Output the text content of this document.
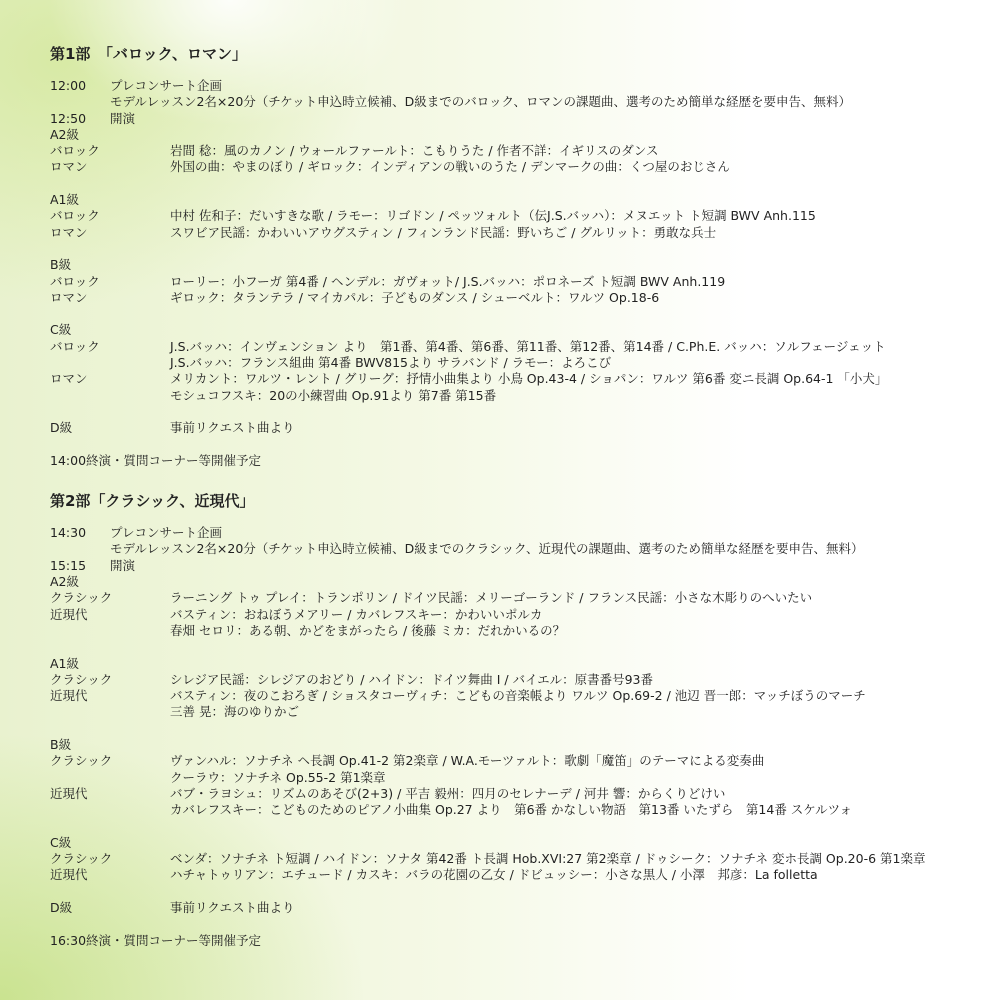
第1部　「バロック、ロマン」
12:00	プレコンサート企画
モデルレッスン2名×20分（チケット申込時立候補、D級までのバロック、ロマンの課題曲、選考のため簡単な経歴を要申告、無料）
12:50	開演
A2級
バロック	岩間 稔：風のカノン / ウォールファールト：こもりうた / 作者不詳：イギリスのダンス
ロマン	外国の曲：やまのぼり / ギロック：インディアンの戦いのうた / デンマークの曲：くつ屋のおじさん
A1級
バロック	中村 佐和子：だいすきな歌 / ラモー：リゴドン / ペッツォルト（伝J.S.バッハ）：メヌエット ト短調 BWV Anh.115
ロマン	スワビア民謡：かわいいアウグスティン / フィンランド民謡：野いちご / グルリット：勇敢な兵士
B級
バロック	ローリー：小フーガ 第4番 / ヘンデル：ガヴォット/ J.S.バッハ：ポロネーズ ト短調 BWV Anh.119
ロマン	ギロック：タランテラ / マイカパル：子どものダンス / シューベルト：ワルツ Op.18-6
C級
バロック	J.S.バッハ：インヴェンション より　第1番、第4番、第6番、第11番、第12番、第14番 / C.Ph.E. バッハ：ソルフェージェット
J.S.バッハ：フランス組曲 第4番 BWV815より サラバンド / ラモー：よろこび
ロマン	メリカント：ワルツ・レント / グリーグ：抒情小曲集より 小鳥 Op.43-4 / ショパン：ワルツ 第6番 変ニ長調 Op.64-1 「小犬」
モシュコフスキ：20の小練習曲 Op.91より 第7番 第15番
D級	事前リクエスト曲より
14:00終演・質問コーナー等開催予定
第2部「クラシック、近現代」
14:30	プレコンサート企画
モデルレッスン2名×20分（チケット申込時立候補、D級までのクラシック、近現代の課題曲、選考のため簡単な経歴を要申告、無料）
15:15	開演
A2級
クラシック	ラーニング トゥ プレイ：トランポリン / ドイツ民謡：メリーゴーランド / フランス民謡：小さな木彫りのへいたい
近現代	バスティン：おねぼうメアリー / カバレフスキー：かわいいポルカ
春畑 セロリ：ある朝、かどをまがったら / 後藤 ミカ：だれかいるの？
A1級
クラシック	シレジア民謡：シレジアのおどり / ハイドン：ドイツ舞曲 I / バイエル：原書番号93番
近現代	バスティン：夜のこおろぎ / ショスタコーヴィチ：こどもの音楽帳より ワルツ Op.69-2 / 池辺 晋一郎：マッチぼうのマーチ
三善 晃：海のゆりかご
B級
クラシック	ヴァンハル：ソナチネ ヘ長調 Op.41-2 第2楽章 / W.A.モーツァルト：歌劇「魔笛」のテーマによる変奏曲
クーラウ：ソナチネ Op.55-2 第1楽章
近現代	バブ・ラヨシュ：リズムのあそび(2+3) / 平吉 毅州：四月のセレナーデ / 河井 響：からくりどけい
カバレフスキー：こどものためのピアノ小曲集 Op.27 より　第6番 かなしい物語　第13番 いたずら　第14番 スケルツォ
C級
クラシック	ベンダ：ソナチネ ト短調 / ハイドン：ソナタ 第42番 ト長調 Hob.XVI:27 第2楽章 / ドゥシーク：ソナチネ 変ホ長調 Op.20-6 第1楽章
近現代	ハチャトゥリアン：エチュード / カスキ：バラの花園の乙女 / ドビュッシー：小さな黒人 / 小澤　邦彦：La folletta
D級	事前リクエスト曲より
16:30終演・質問コーナー等開催予定
